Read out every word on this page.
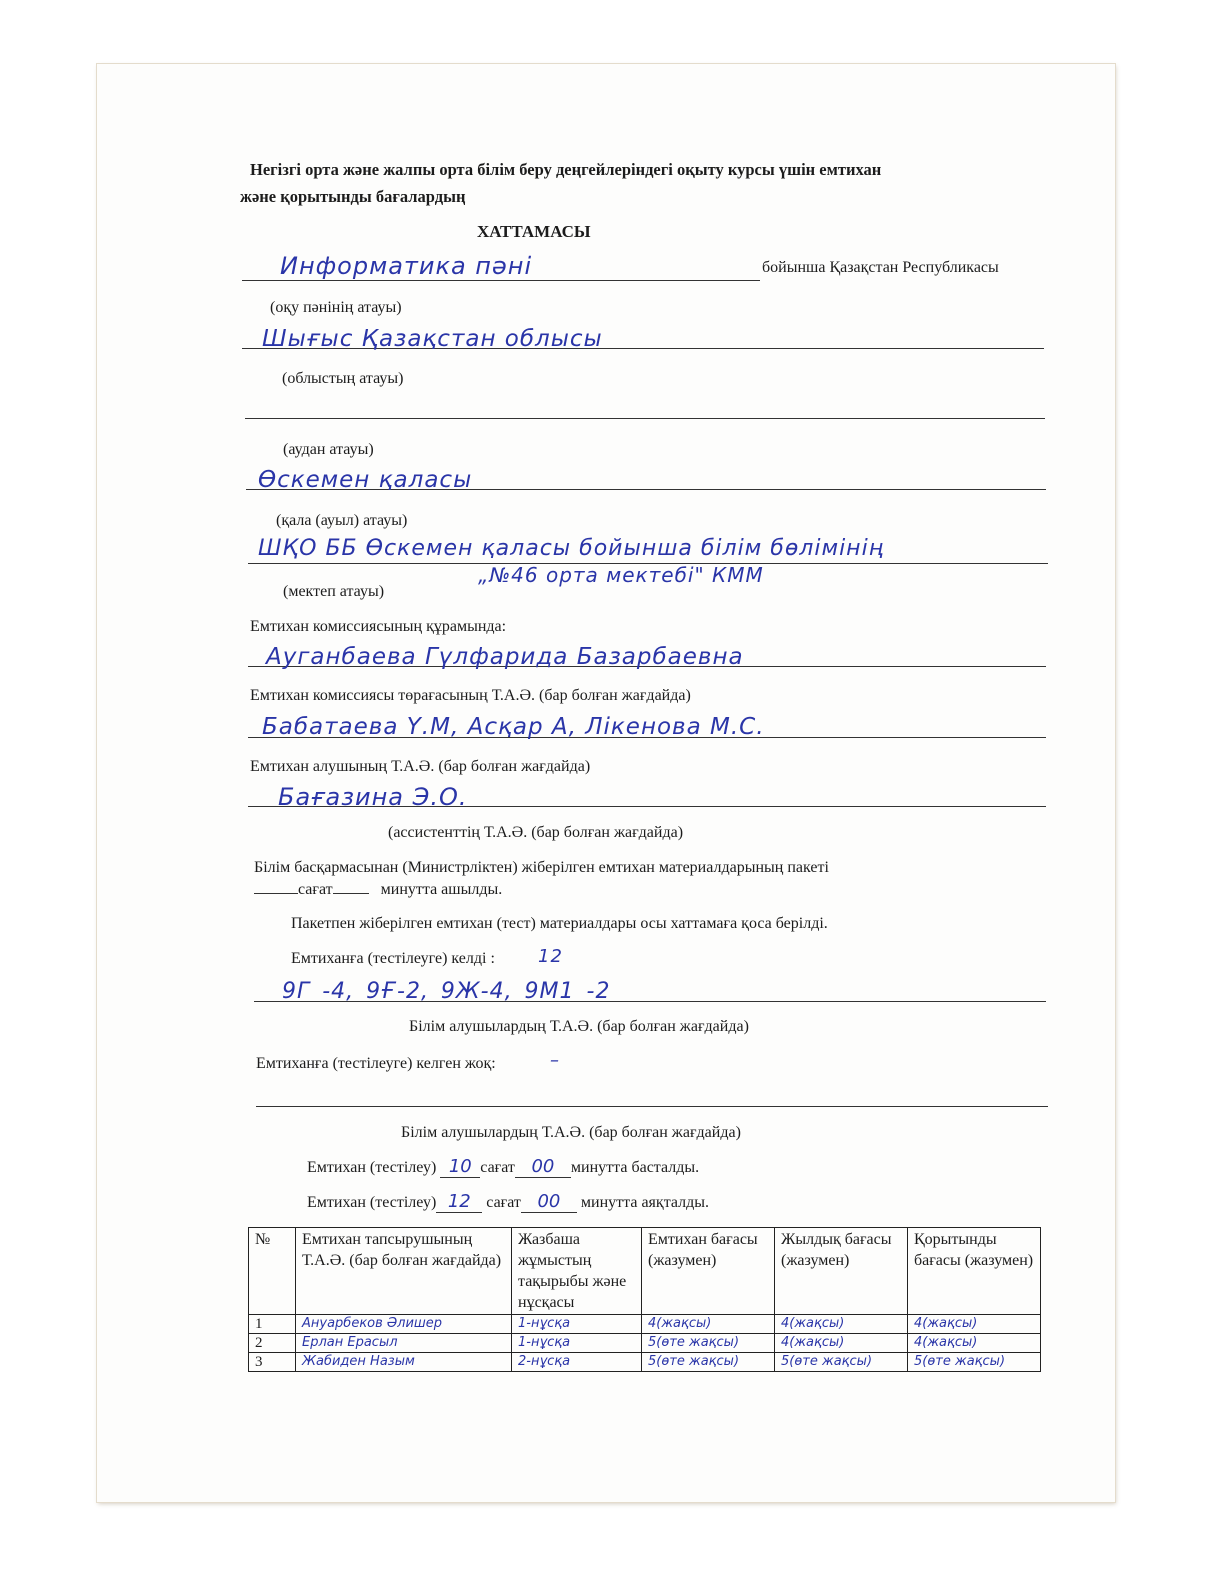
Негізгі орта және жалпы орта білім беру деңгейлеріндегі оқыту курсы үшін емтихан
және қорытынды бағалардың
ХАТТАМАСЫ
Информатика пәні	бойынша Қазақстан Республикасы
(оқу пәнінің атауы)
Шығыс Қазақстан облысы
(облыстың атауы)
(аудан атауы)
Өскемен қаласы
(қала (ауыл) атауы)
ШҚО ББ Өскемен қаласы бойынша білім бөлімінің
„№46 орта мектебі" КММ
(мектеп атауы)
Емтихан комиссиясының құрамында:
Ауганбаева Гүлфарида Базарбаевна
Емтихан комиссиясы төрағасының Т.А.Ә. (бар болған жағдайда)
Бабатаева Ү.М, Асқар А, Лікенова М.С.
Емтихан алушының Т.А.Ә. (бар болған жағдайда)
Бағазина Э.О.
(ассистенттің Т.А.Ә. (бар болған жағдайда)
Білім басқармасынан (Министрліктен) жіберілген емтихан материалдарының пакеті
сағат	минутта ашылды.
Пакетпен жіберілген емтихан (тест) материалдары осы хаттамаға қоса берілді.
Емтиханға (тестілеуге) келді : 12
9Г -4, 9Ғ-2, 9Ж-4, 9М1 -2
Білім алушылардың Т.А.Ә. (бар болған жағдайда)
Емтиханға (тестілеуге) келген жоқ:	–
Білім алушылардың Т.А.Ә. (бар болған жағдайда)
Емтихан (тестілеу) 10 сағат 00 минутта басталды.
Емтихан (тестілеу) 12 сағат 00 минутта аяқталды.
№	Емтихан тапсырушының Т.А.Ә. (бар болған жағдайда)	Жазбаша жұмыстың тақырыбы және нұсқасы	Емтихан бағасы (жазумен)	Жылдық бағасы (жазумен)	Қорытынды бағасы (жазумен)
1	Ануарбеков Әлишер	1-нұсқа	4(жақсы)	4(жақсы)	4(жақсы)
2	Ерлан Ерасыл	1-нұсқа	5(өте жақсы)	4(жақсы)	4(жақсы)
3	Жабиден Назым	2-нұсқа	5(өте жақсы)	5(өте жақсы)	5(өте жақсы)
